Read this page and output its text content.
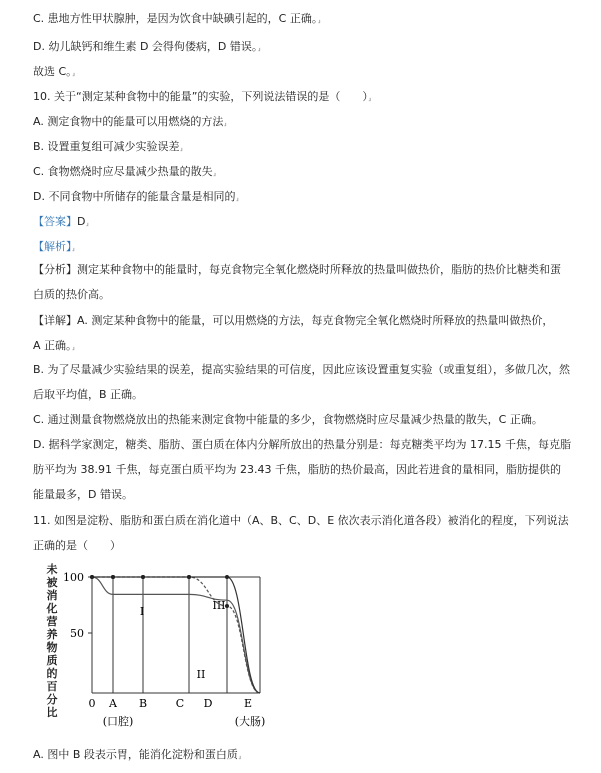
C. 患地方性甲状腺肿，是因为饮食中缺碘引起的，C 正确。⸥
D. 幼儿缺钙和维生素 D 会得佝偻病，D 错误。⸥
故选 C。⸥
10. 关于“测定某种食物中的能量”的实验，下列说法错误的是（　　）⸥
A. 测定食物中的能量可以用燃烧的方法⸥
B. 设置重复组可减少实验误差⸥
C. 食物燃烧时应尽量减少热量的散失⸥
D. 不同食物中所储存的能量含量是相同的⸥
【答案】D⸥
【解析】⸥
【分析】测定某种食物中的能量时，每克食物完全氧化燃烧时所释放的热量叫做热价，脂肪的热价比糖类和蛋白质的热价高。
【详解】A. 测定某种食物中的能量，可以用燃烧的方法，每克食物完全氧化燃烧时所释放的热量叫做热价，
A 正确。⸥
B. 为了尽量减少实验结果的误差，提高实验结果的可信度，因此应该设置重复实验（或重复组），多做几次，然后取平均值，B 正确。
C. 通过测量食物燃烧放出的热能来测定食物中能量的多少，食物燃烧时应尽量减少热量的散失，C 正确。
D. 据科学家测定，糖类、脂肪、蛋白质在体内分解所放出的热量分别是：每克糖类平均为 17.15 千焦，每克脂肪平均为 38.91 千焦，每克蛋白质平均为 23.43 千焦，脂肪的热价最高，因此若进食的量相同，脂肪提供的能量最多，D 错误。
11. 如图是淀粉、脂肪和蛋白质在消化道中（A、B、C、D、E 依次表示消化道各段）被消化的程度，下列说法正确的是（　　）
未被消化营养物质的百分比
100
50
0 A B	C D	E
(口腔)	(大肠)
I
II
III
A. 图中 B 段表示胃，能消化淀粉和蛋白质⸥
